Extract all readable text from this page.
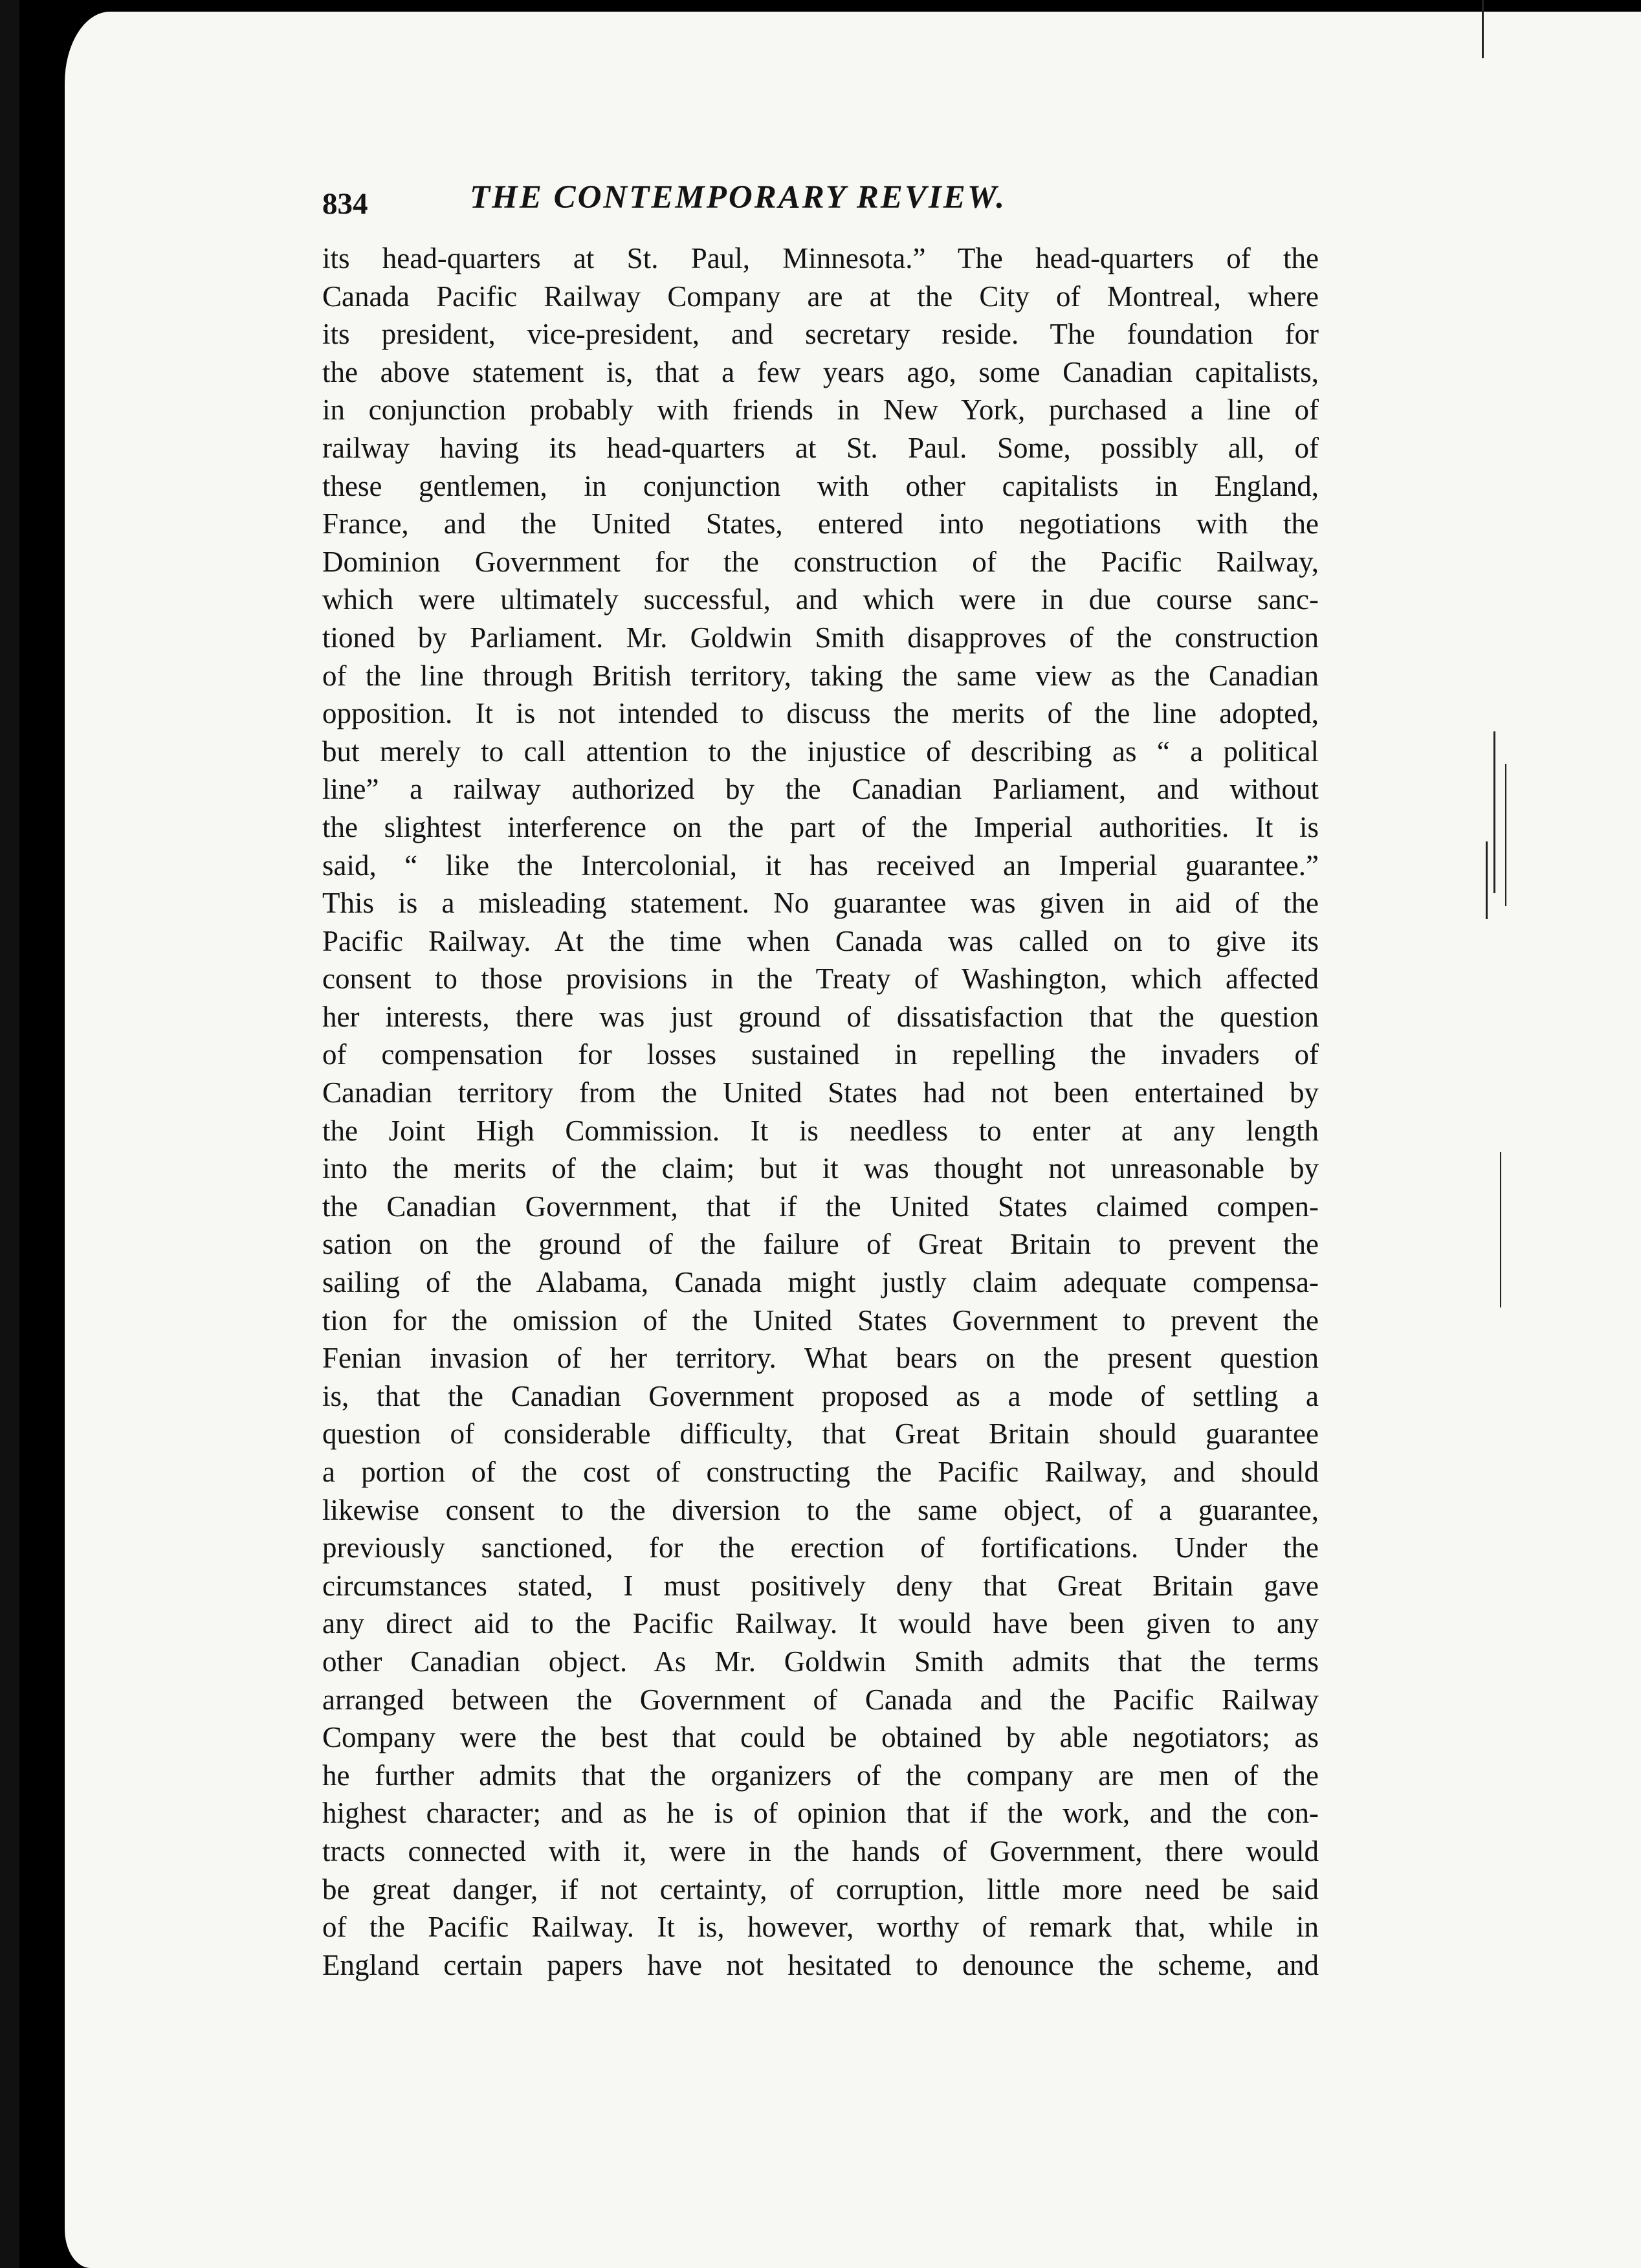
834	THE CONTEMPORARY REVIEW.
its head-quarters at St. Paul, Minnesota.” The head-quarters of the
Canada Pacific Railway Company are at the City of Montreal, where
its president, vice-president, and secretary reside. The foundation for
the above statement is, that a few years ago, some Canadian capitalists,
in conjunction probably with friends in New York, purchased a line of
railway having its head-quarters at St. Paul. Some, possibly all, of
these gentlemen, in conjunction with other capitalists in England,
France, and the United States, entered into negotiations with the
Dominion Government for the construction of the Pacific Railway,
which were ultimately successful, and which were in due course sanc-
tioned by Parliament. Mr. Goldwin Smith disapproves of the construction
of the line through British territory, taking the same view as the Canadian
opposition. It is not intended to discuss the merits of the line adopted,
but merely to call attention to the injustice of describing as “ a political
line” a railway authorized by the Canadian Parliament, and without
the slightest interference on the part of the Imperial authorities. It is
said, “ like the Intercolonial, it has received an Imperial guarantee.”
This is a misleading statement. No guarantee was given in aid of the
Pacific Railway. At the time when Canada was called on to give its
consent to those provisions in the Treaty of Washington, which affected
her interests, there was just ground of dissatisfaction that the question
of compensation for losses sustained in repelling the invaders of
Canadian territory from the United States had not been entertained by
the Joint High Commission. It is needless to enter at any length
into the merits of the claim; but it was thought not unreasonable by
the Canadian Government, that if the United States claimed compen-
sation on the ground of the failure of Great Britain to prevent the
sailing of the Alabama, Canada might justly claim adequate compensa-
tion for the omission of the United States Government to prevent the
Fenian invasion of her territory. What bears on the present question
is, that the Canadian Government proposed as a mode of settling a
question of considerable difficulty, that Great Britain should guarantee
a portion of the cost of constructing the Pacific Railway, and should
likewise consent to the diversion to the same object, of a guarantee,
previously sanctioned, for the erection of fortifications. Under the
circumstances stated, I must positively deny that Great Britain gave
any direct aid to the Pacific Railway. It would have been given to any
other Canadian object. As Mr. Goldwin Smith admits that the terms
arranged between the Government of Canada and the Pacific Railway
Company were the best that could be obtained by able negotiators; as
he further admits that the organizers of the company are men of the
highest character; and as he is of opinion that if the work, and the con-
tracts connected with it, were in the hands of Government, there would
be great danger, if not certainty, of corruption, little more need be said
of the Pacific Railway. It is, however, worthy of remark that, while in
England certain papers have not hesitated to denounce the scheme, and
